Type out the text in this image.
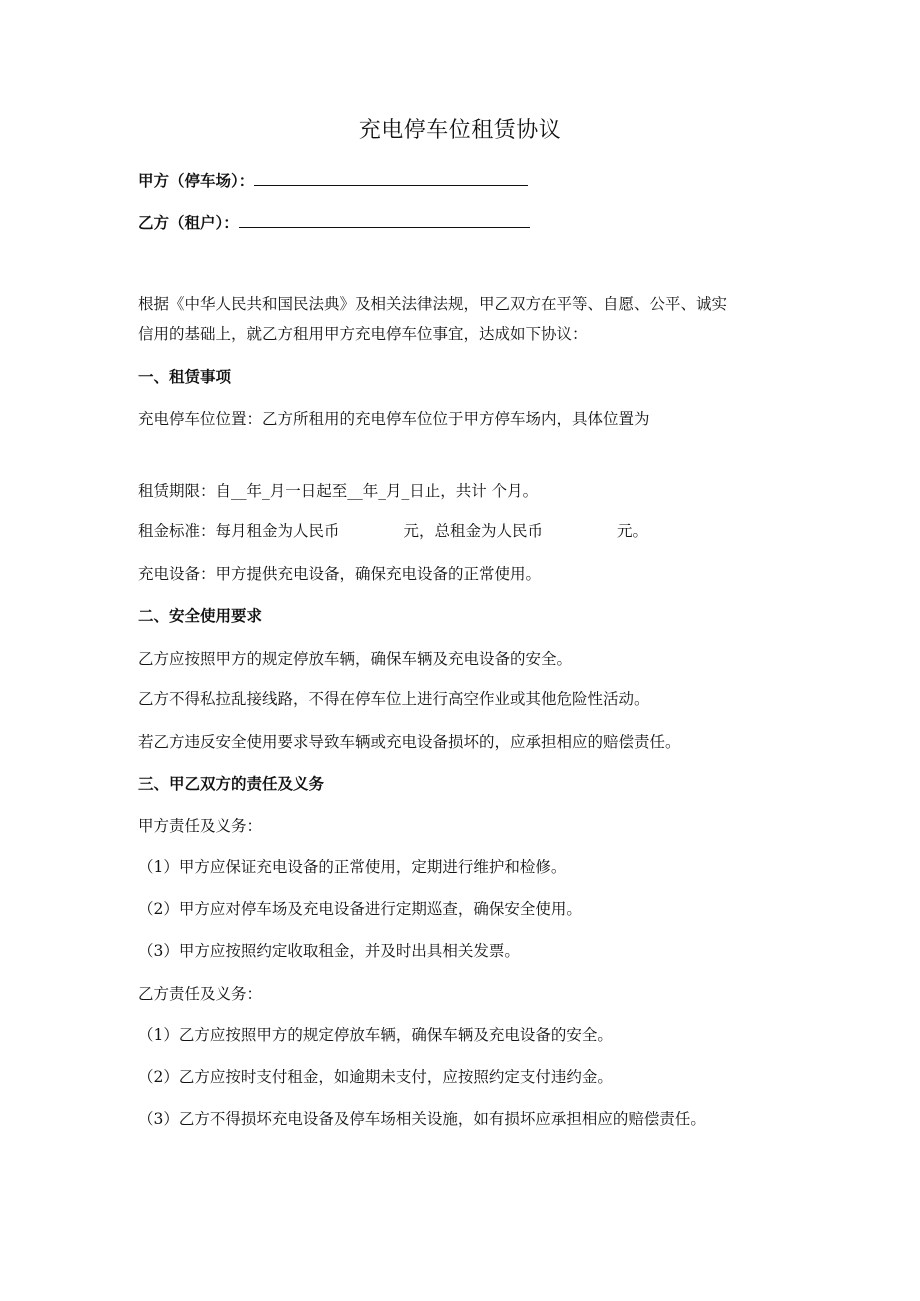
充电停车位租赁协议
甲方（停车场）：
乙方（租户）：
根据《中华人民共和国民法典》及相关法律法规，甲乙双方在平等、自愿、公平、诚实
信用的基础上，就乙方租用甲方充电停车位事宜，达成如下协议：
一、租赁事项
充电停车位位置：乙方所租用的充电停车位位于甲方停车场内，具体位置为
租赁期限：自__年_月一日起至__年_月_日止，共计 个月。
租金标准：每月租金为人民币	元，总租金为人民币	元。
充电设备：甲方提供充电设备，确保充电设备的正常使用。
二、安全使用要求
乙方应按照甲方的规定停放车辆，确保车辆及充电设备的安全。
乙方不得私拉乱接线路，不得在停车位上进行高空作业或其他危险性活动。
若乙方违反安全使用要求导致车辆或充电设备损坏的，应承担相应的赔偿责任。
三、甲乙双方的责任及义务
甲方责任及义务：
（1）甲方应保证充电设备的正常使用，定期进行维护和检修。
（2）甲方应对停车场及充电设备进行定期巡查，确保安全使用。
（3）甲方应按照约定收取租金，并及时出具相关发票。
乙方责任及义务：
（1）乙方应按照甲方的规定停放车辆，确保车辆及充电设备的安全。
（2）乙方应按时支付租金，如逾期未支付，应按照约定支付违约金。
（3）乙方不得损坏充电设备及停车场相关设施，如有损坏应承担相应的赔偿责任。
